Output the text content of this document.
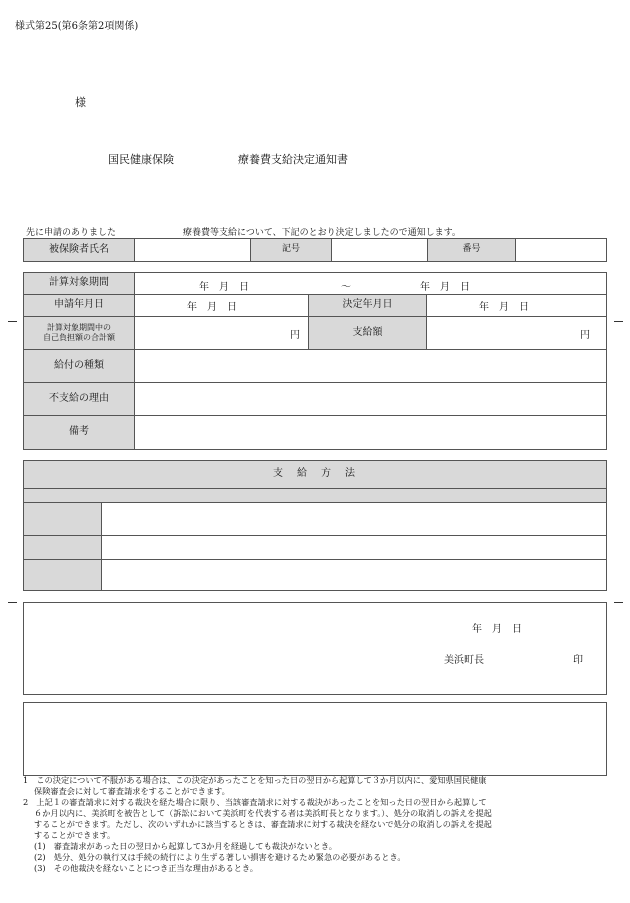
様式第25(第6条第2項関係)
様
国民健康保険	療養費支給決定通知書
先に申請のありました	療養費等支給について、下記のとおり決定しましたので通知します。
被保険者氏名		記号		番号

計算対象期間	年　月　日 ～ 年　月　日		

申請年月日	年　月　日	決定年月日	年　月　日

計算対象期間中の
自己負担額の合計額	円	支給額	円

給付の種類			

不支給の理由			

備考			

支　給　方　法	

年　月　日
美浜町長	印
1　この決定について不服がある場合は、この決定があったことを知った日の翌日から起算して３か月以内に、愛知県国民健康
保険審査会に対して審査請求をすることができます。
2　上記１の審査請求に対する裁決を経た場合に限り、当該審査請求に対する裁決があったことを知った日の翌日から起算して
６か月以内に、美浜町を被告として（訴訟において美浜町を代表する者は美浜町長となります。）、処分の取消しの訴えを提起
することができます。ただし、次のいずれかに該当するときは、審査請求に対する裁決を経ないで処分の取消しの訴えを提起
することができます。
(1)　審査請求があった日の翌日から起算して3か月を経過しても裁決がないとき。
(2)　処分、処分の執行又は手続の続行により生ずる著しい損害を避けるため緊急の必要があるとき。
(3)　その他裁決を経ないことにつき正当な理由があるとき。
